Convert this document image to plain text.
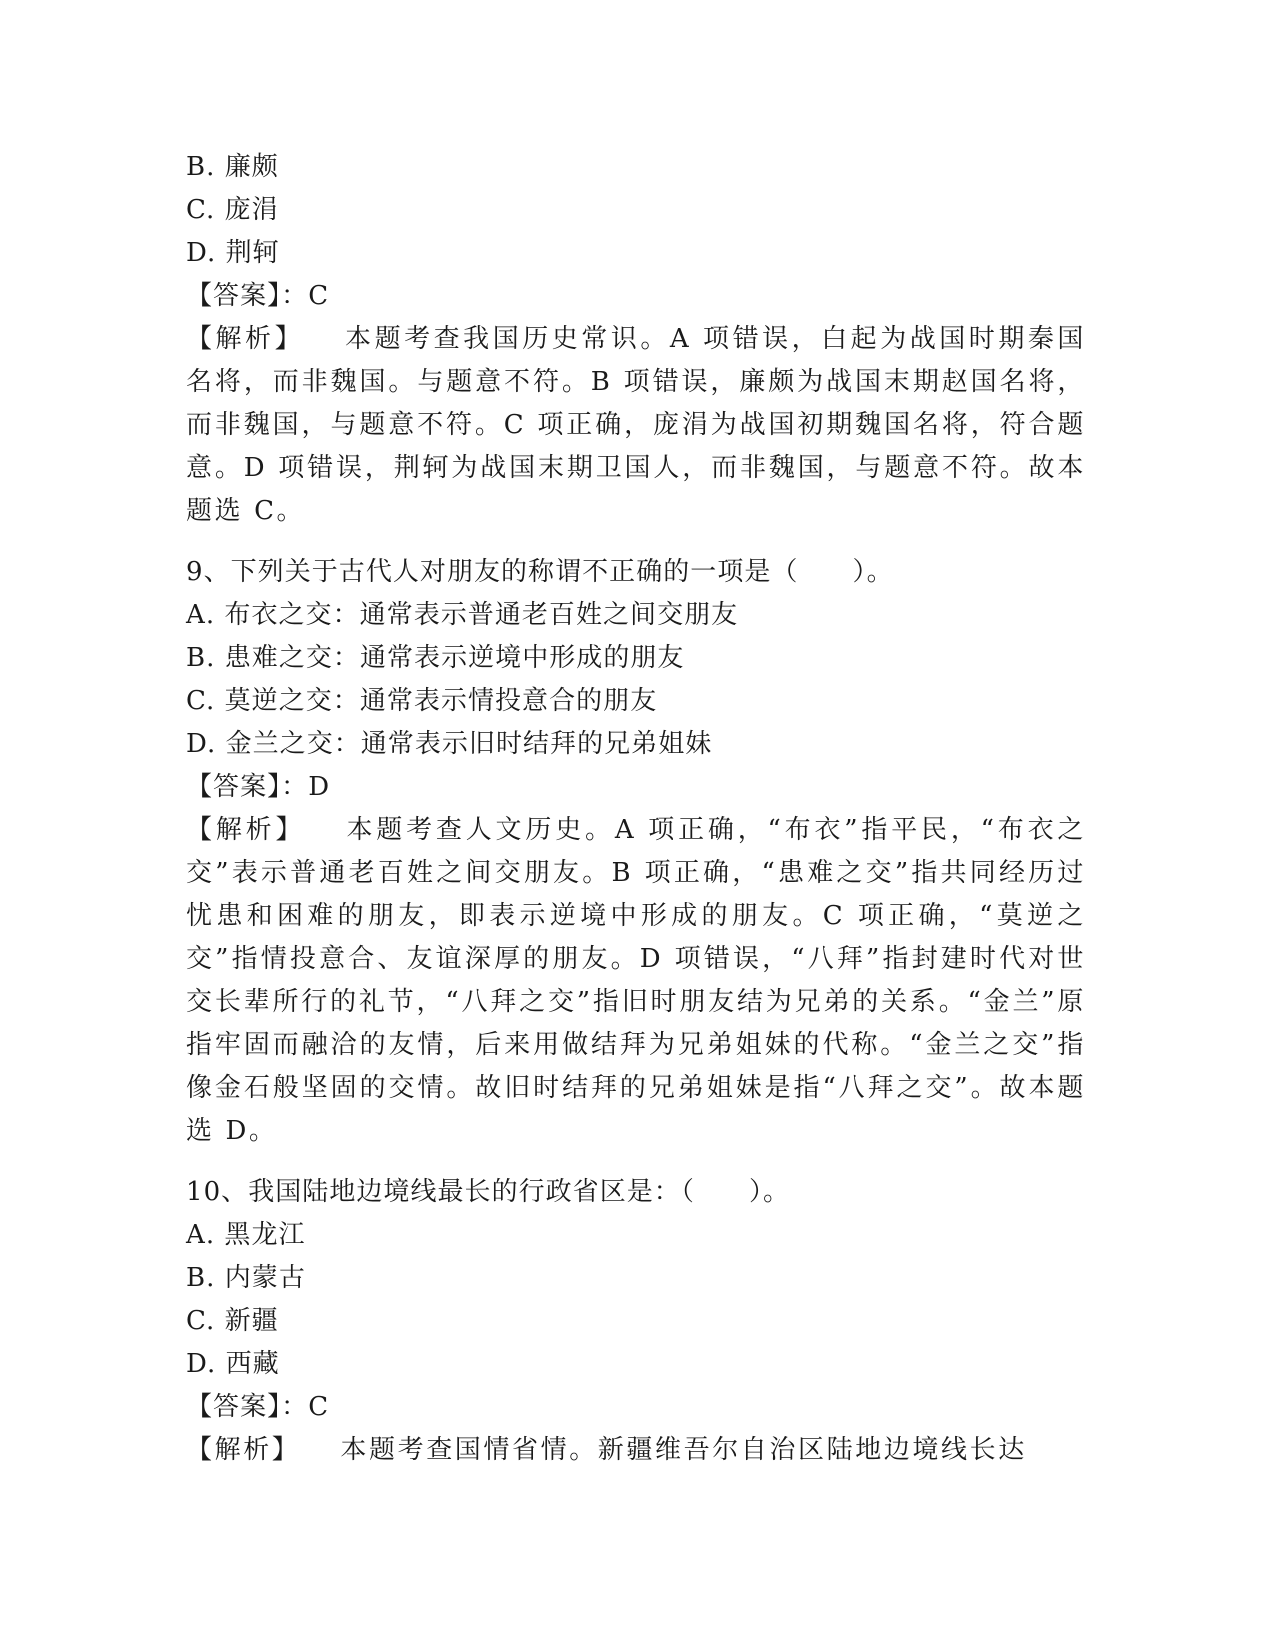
B. 廉颇
C. 庞涓
D. 荆轲
【答案】：C
【解析】 本题考查我国历史常识。A 项错误，白起为战国时期秦国名将，而非魏国。与题意不符。B 项错误，廉颇为战国末期赵国名将，而非魏国，与题意不符。C 项正确，庞涓为战国初期魏国名将，符合题意。D 项错误，荆轲为战国末期卫国人，而非魏国，与题意不符。故本题选 C。
9、下列关于古代人对朋友的称谓不正确的一项是（　　）。
A. 布衣之交：通常表示普通老百姓之间交朋友
B. 患难之交：通常表示逆境中形成的朋友
C. 莫逆之交：通常表示情投意合的朋友
D. 金兰之交：通常表示旧时结拜的兄弟姐妹
【答案】：D
【解析】 本题考查人文历史。A 项正确，“布衣”指平民，“布衣之交”表示普通老百姓之间交朋友。B 项正确，“患难之交”指共同经历过忧患和困难的朋友，即表示逆境中形成的朋友。C 项正确，“莫逆之交”指情投意合、友谊深厚的朋友。D 项错误，“八拜”指封建时代对世交长辈所行的礼节，“八拜之交”指旧时朋友结为兄弟的关系。“金兰”原指牢固而融洽的友情，后来用做结拜为兄弟姐妹的代称。“金兰之交”指像金石般坚固的交情。故旧时结拜的兄弟姐妹是指“八拜之交”。故本题选 D。
10、我国陆地边境线最长的行政省区是：（　　）。
A. 黑龙江
B. 内蒙古
C. 新疆
D. 西藏
【答案】：C
【解析】 本题考查国情省情。新疆维吾尔自治区陆地边境线长达
